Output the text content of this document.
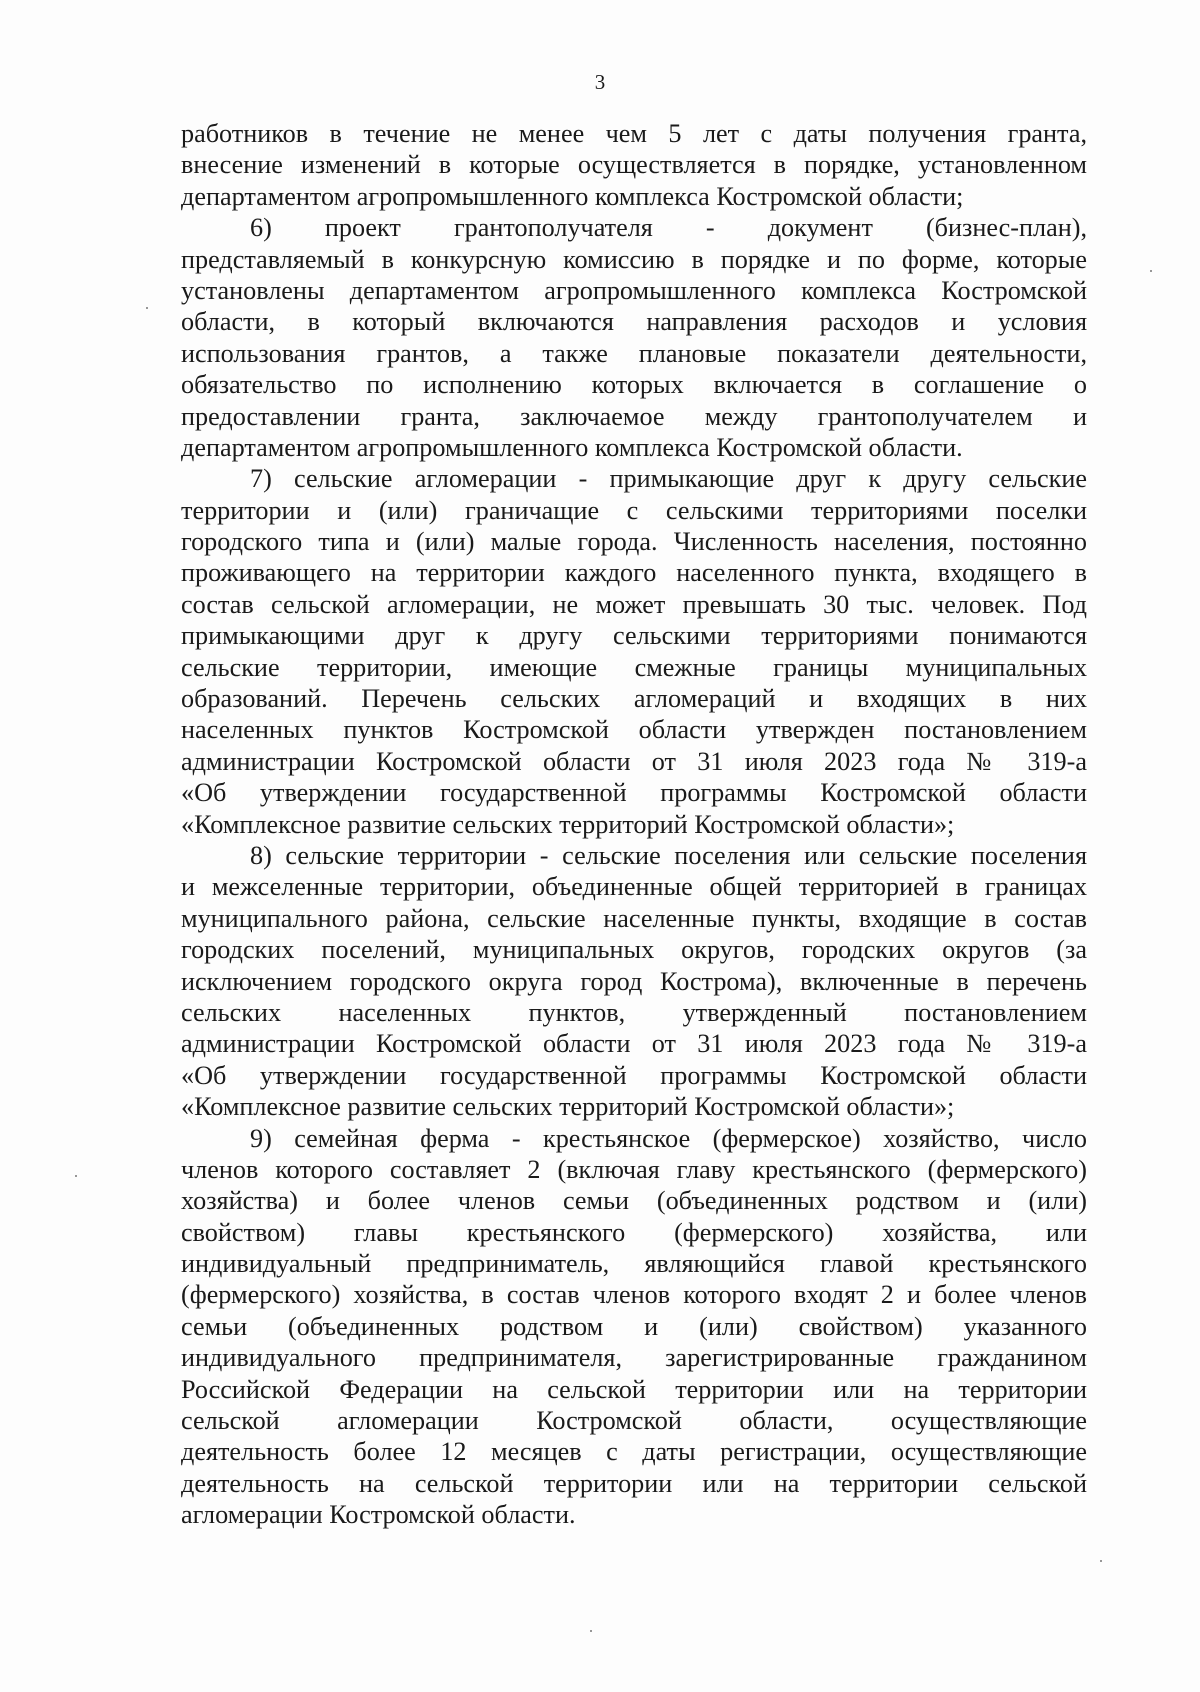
3
работников в течение не менее чем 5 лет с даты получения гранта,
внесение изменений в которые осуществляется в порядке, установленном
департаментом агропромышленного комплекса Костромской области;
6) проект грантополучателя - документ (бизнес-план),
представляемый в конкурсную комиссию в порядке и по форме, которые
установлены департаментом агропромышленного комплекса Костромской
области, в который включаются направления расходов и условия
использования грантов, а также плановые показатели деятельности,
обязательство по исполнению которых включается в соглашение о
предоставлении гранта, заключаемое между грантополучателем и
департаментом агропромышленного комплекса Костромской области.
7) сельские агломерации - примыкающие друг к другу сельские
территории и (или) граничащие с сельскими территориями поселки
городского типа и (или) малые города. Численность населения, постоянно
проживающего на территории каждого населенного пункта, входящего в
состав сельской агломерации, не может превышать 30 тыс. человек. Под
примыкающими друг к другу сельскими территориями понимаются
сельские территории, имеющие смежные границы муниципальных
образований. Перечень сельских агломераций и входящих в них
населенных пунктов Костромской области утвержден постановлением
администрации Костромской области от 31 июля 2023 года № 319-а
«Об утверждении государственной программы Костромской области
«Комплексное развитие сельских территорий Костромской области»;
8) сельские территории - сельские поселения или сельские поселения
и межселенные территории, объединенные общей территорией в границах
муниципального района, сельские населенные пункты, входящие в состав
городских поселений, муниципальных округов, городских округов (за
исключением городского округа город Кострома), включенные в перечень
сельских населенных пунктов, утвержденный постановлением
администрации Костромской области от 31 июля 2023 года № 319-а
«Об утверждении государственной программы Костромской области
«Комплексное развитие сельских территорий Костромской области»;
9) семейная ферма - крестьянское (фермерское) хозяйство, число
членов которого составляет 2 (включая главу крестьянского (фермерского)
хозяйства) и более членов семьи (объединенных родством и (или)
свойством) главы крестьянского (фермерского) хозяйства, или
индивидуальный предприниматель, являющийся главой крестьянского
(фермерского) хозяйства, в состав членов которого входят 2 и более членов
семьи (объединенных родством и (или) свойством) указанного
индивидуального предпринимателя, зарегистрированные гражданином
Российской Федерации на сельской территории или на территории
сельской агломерации Костромской области, осуществляющие
деятельность более 12 месяцев с даты регистрации, осуществляющие
деятельность на сельской территории или на территории сельской
агломерации Костромской области.
